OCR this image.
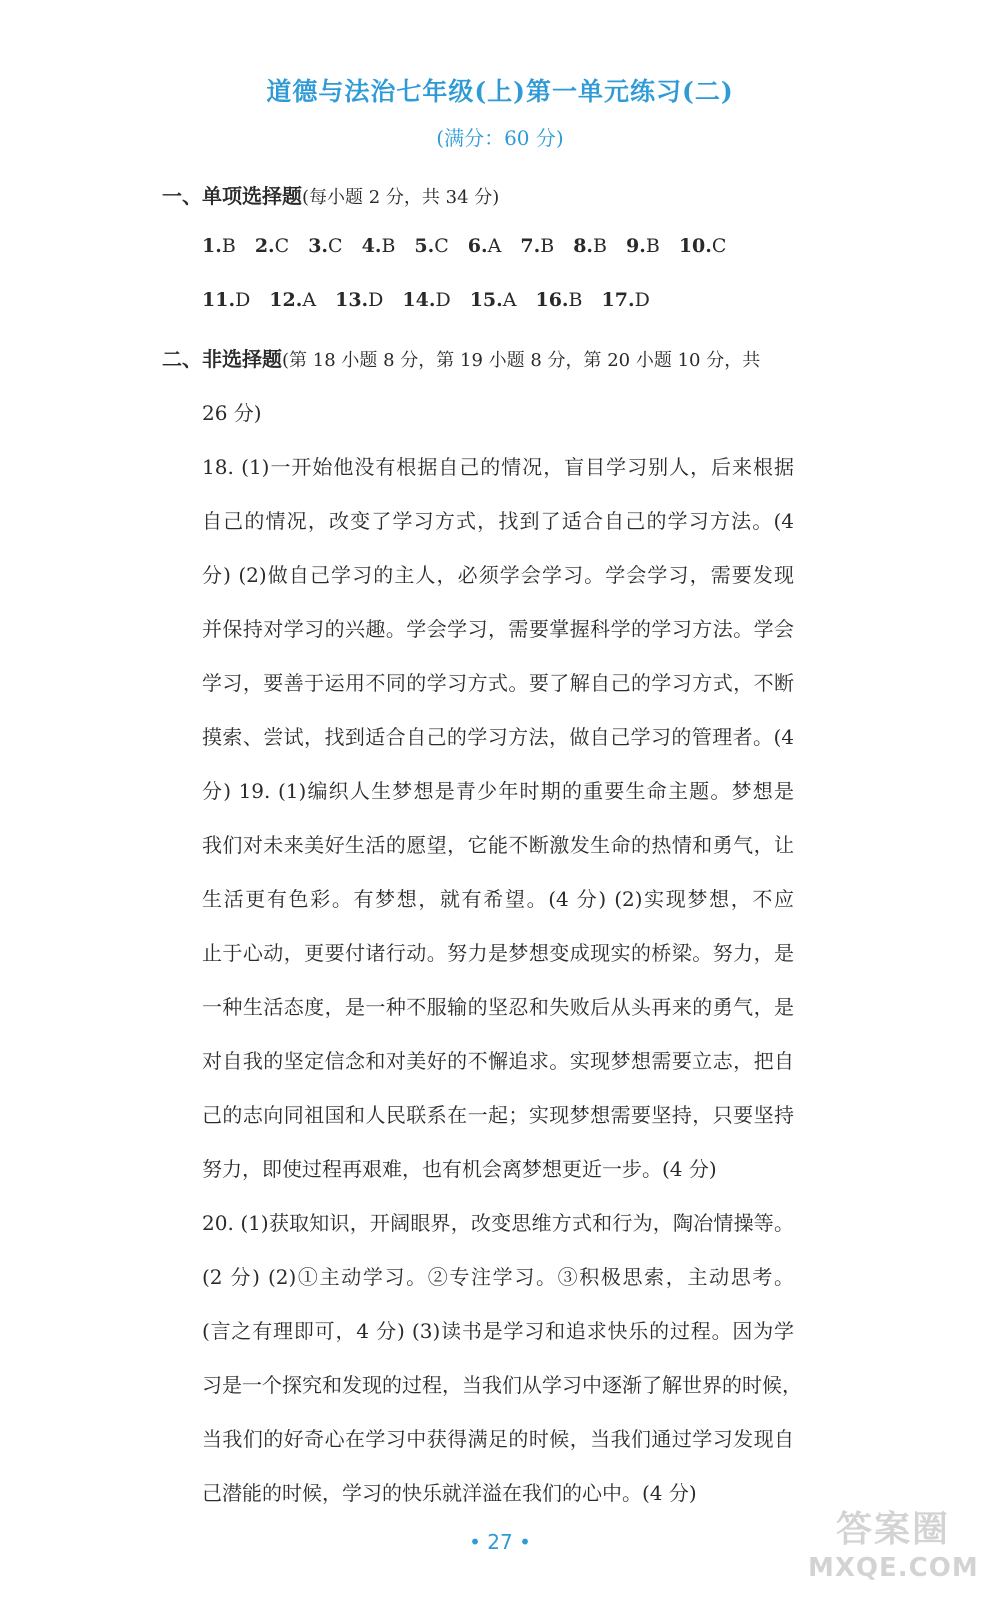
道德与法治七年级(上)第一单元练习(二)
(满分：60 分)
一、单项选择题(每小题 2 分，共 34 分)
1.B 2.C 3.C 4.B 5.C 6.A 7.B 8.B 9.B 10.C
11.D 12.A 13.D 14.D 15.A 16.B 17.D
二、非选择题(第 18 小题 8 分，第 19 小题 8 分，第 20 小题 10 分，共
26 分)
18. (1)一开始他没有根据自己的情况，盲目学习别人，后来根据
自己的情况，改变了学习方式，找到了适合自己的学习方法。(4
分) (2)做自己学习的主人，必须学会学习。学会学习，需要发现
并保持对学习的兴趣。学会学习，需要掌握科学的学习方法。学会
学习，要善于运用不同的学习方式。要了解自己的学习方式，不断
摸索、尝试，找到适合自己的学习方法，做自己学习的管理者。(4
分) 19. (1)编织人生梦想是青少年时期的重要生命主题。梦想是
我们对未来美好生活的愿望，它能不断激发生命的热情和勇气，让
生活更有色彩。有梦想，就有希望。(4 分) (2)实现梦想，不应
止于心动，更要付诸行动。努力是梦想变成现实的桥梁。努力，是
一种生活态度，是一种不服输的坚忍和失败后从头再来的勇气，是
对自我的坚定信念和对美好的不懈追求。实现梦想需要立志，把自
己的志向同祖国和人民联系在一起；实现梦想需要坚持，只要坚持
努力，即使过程再艰难，也有机会离梦想更近一步。(4 分)
20. (1)获取知识，开阔眼界，改变思维方式和行为，陶冶情操等。
(2 分) (2)①主动学习。②专注学习。③积极思索，主动思考。
(言之有理即可，4 分) (3)读书是学习和追求快乐的过程。因为学
习是一个探究和发现的过程，当我们从学习中逐渐了解世界的时候，
当我们的好奇心在学习中获得满足的时候，当我们通过学习发现自
己潜能的时候，学习的快乐就洋溢在我们的心中。(4 分)
• 27 •	答案圈
MXQE.COM
